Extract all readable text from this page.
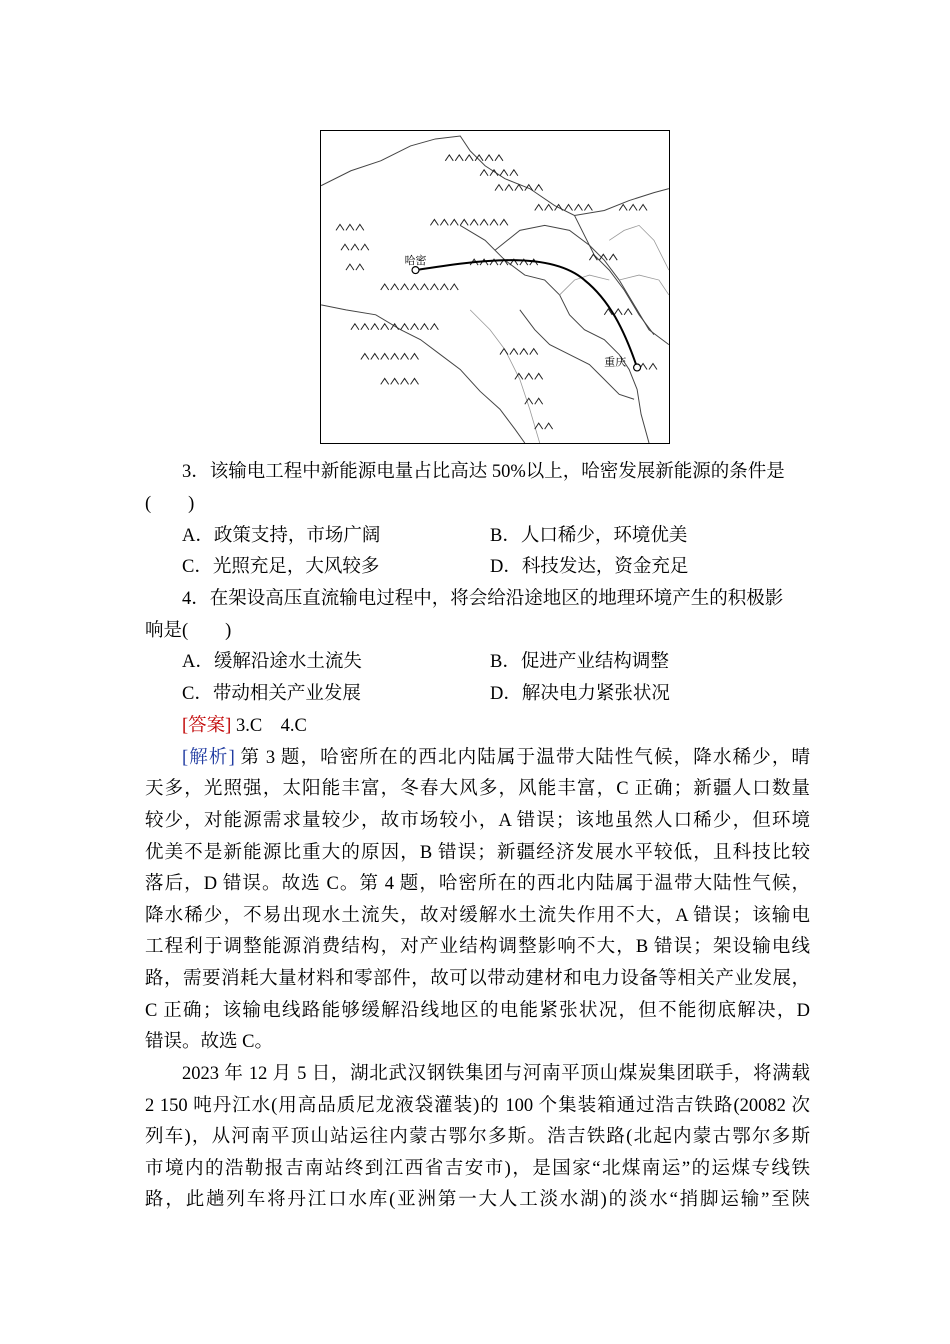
哈密
重庆
3．该输电工程中新能源电量占比高达 50%以上，哈密发展新能源的条件是
(　　)
A．政策支持，市场广阔	B．人口稀少，环境优美
C．光照充足，大风较多	D．科技发达，资金充足
4．在架设高压直流输电过程中，将会给沿途地区的地理环境产生的积极影
响是(　　)
A．缓解沿途水土流失	B．促进产业结构调整
C．带动相关产业发展	D．解决电力紧张状况
[答案] 3.C　4.C
[解析] 第 3 题，哈密所在的西北内陆属于温带大陆性气候，降水稀少，晴
天多，光照强，太阳能丰富，冬春大风多，风能丰富，C 正确；新疆人口数量
较少，对能源需求量较少，故市场较小，A 错误；该地虽然人口稀少，但环境
优美不是新能源比重大的原因，B 错误；新疆经济发展水平较低，且科技比较
落后，D 错误。故选 C。第 4 题，哈密所在的西北内陆属于温带大陆性气候，
降水稀少，不易出现水土流失，故对缓解水土流失作用不大，A 错误；该输电
工程利于调整能源消费结构，对产业结构调整影响不大，B 错误；架设输电线
路，需要消耗大量材料和零部件，故可以带动建材和电力设备等相关产业发展，
C 正确；该输电线路能够缓解沿线地区的电能紧张状况，但不能彻底解决，D
错误。故选 C。
2023 年 12 月 5 日，湖北武汉钢铁集团与河南平顶山煤炭集团联手，将满载
2 150 吨丹江水(用高品质尼龙液袋灌装)的 100 个集装箱通过浩吉铁路(20082 次
列车)，从河南平顶山站运往内蒙古鄂尔多斯。浩吉铁路(北起内蒙古鄂尔多斯
市境内的浩勒报吉南站终到江西省吉安市)，是国家“北煤南运”的运煤专线铁
路，此趟列车将丹江口水库(亚洲第一大人工淡水湖)的淡水“捎脚运输”至陕
